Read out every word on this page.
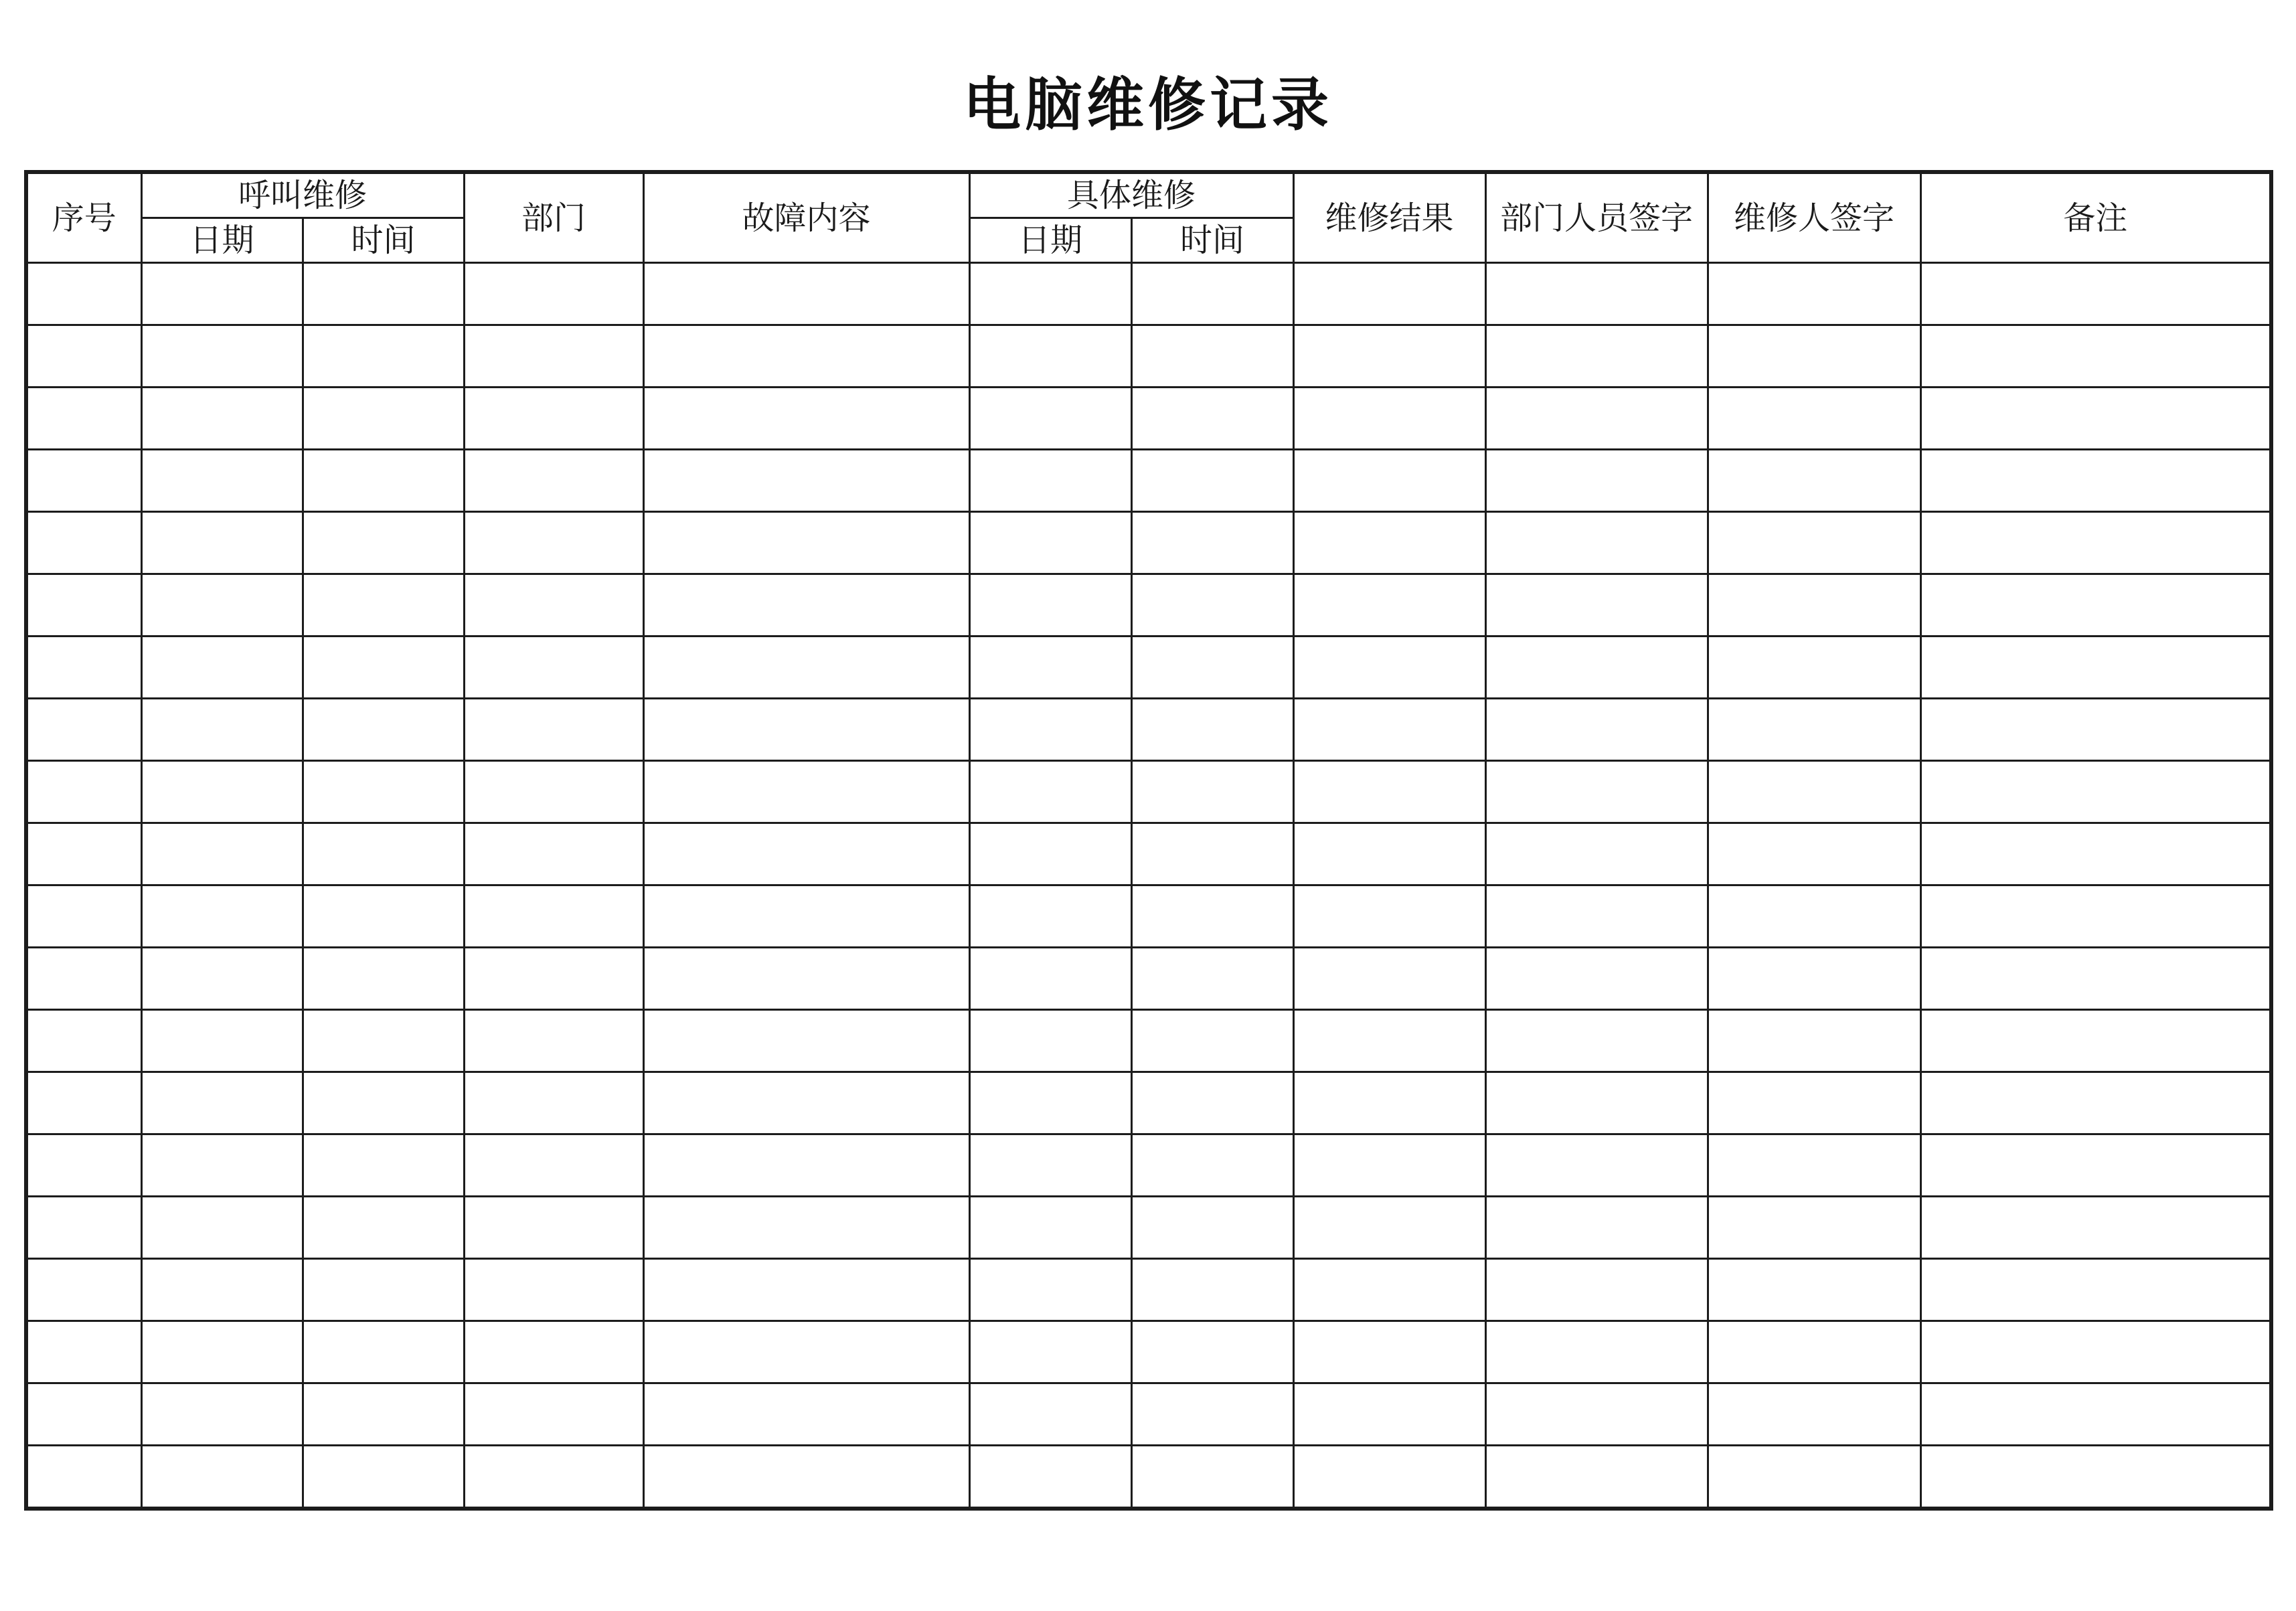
电脑维修记录
序号	呼叫维修		部门	故障内容	具体维修		维修结果	部门人员签字	维修人签字	备注
	日期	时间			日期	时间				
